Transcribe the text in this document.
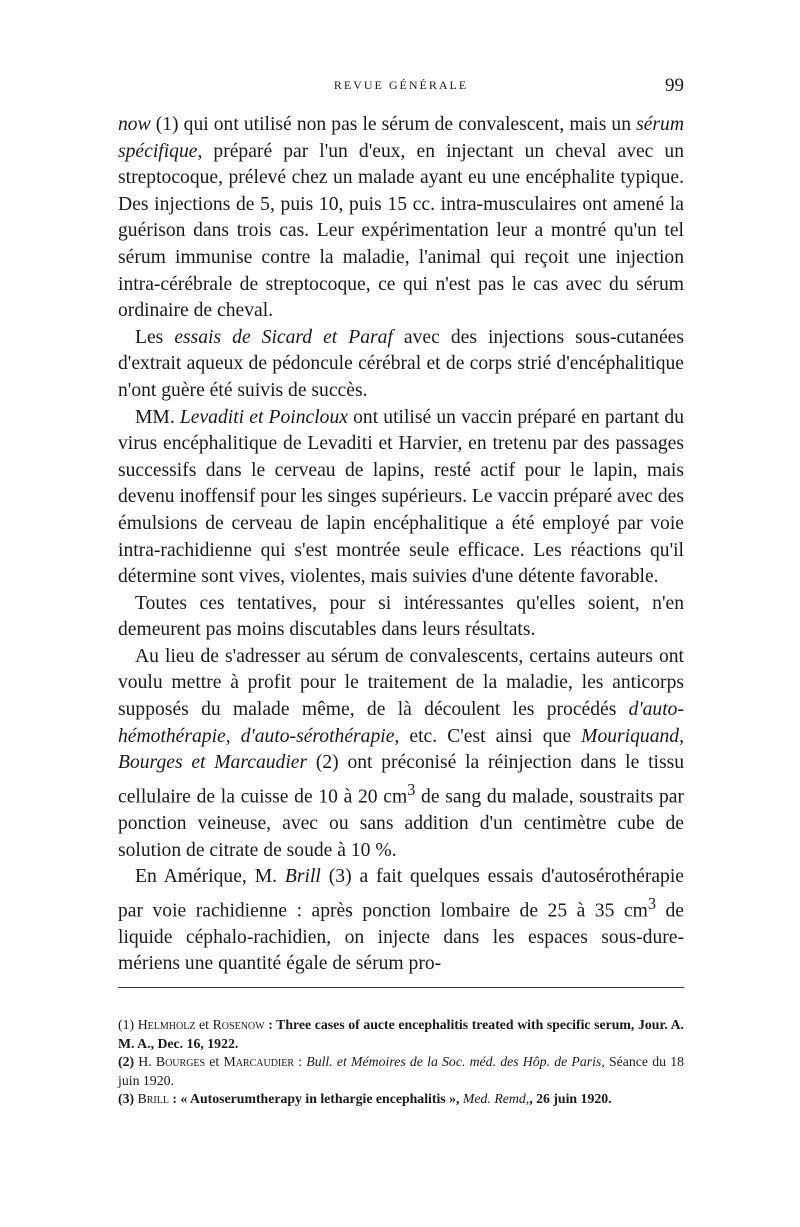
REVUE GÉNÉRALE	99

now (1) qui ont utilisé non pas le sérum de convalescent, mais un sérum spécifique, préparé par l'un d'eux, en injectant un cheval avec un streptocoque, prélevé chez un malade ayant eu une encéphalite typique. Des injections de 5, puis 10, puis 15 cc. intra-musculaires ont amené la guérison dans trois cas. Leur expérimentation leur a montré qu'un tel sérum immunise contre la maladie, l'animal qui reçoit une injection intra-cérébrale de streptocoque, ce qui n'est pas le cas avec du sérum ordinaire de cheval.

Les essais de Sicard et Paraf avec des injections sous-cutanées d'extrait aqueux de pédoncule cérébral et de corps strié d'encéphalitique n'ont guère été suivis de succès.

MM. Levaditi et Poincloux ont utilisé un vaccin préparé en partant du virus encéphalitique de Levaditi et Harvier, en tretenu par des passages successifs dans le cerveau de lapins, resté actif pour le lapin, mais devenu inoffensif pour les singes supérieurs. Le vaccin préparé avec des émulsions de cerveau de lapin encéphalitique a été employé par voie intra-rachidienne qui s'est montrée seule efficace. Les réactions qu'il détermine sont vives, violentes, mais suivies d'une détente favorable.

Toutes ces tentatives, pour si intéressantes qu'elles soient, n'en demeurent pas moins discutables dans leurs résultats.

Au lieu de s'adresser au sérum de convalescents, certains auteurs ont voulu mettre à profit pour le traitement de la maladie, les anticorps supposés du malade même, de là découlent les procédés d'auto-hémothérapie, d'auto-sérothérapie, etc. C'est ainsi que Mouriquand, Bourges et Marcaudier (2) ont préconisé la réinjection dans le tissu cellulaire de la cuisse de 10 à 20 $cm^3$ de sang du malade, soustraits par ponction veineuse, avec ou sans addition d'un centimètre cube de solution de citrate de soude à 10 %.

En Amérique, M. Brill (3) a fait quelques essais d'autosérothérapie par voie rachidienne : après ponction lombaire de 25 à 35 $cm^3$ de liquide céphalo-rachidien, on injecte dans les espaces sous-dure-mériens une quantité égale de sérum pro-

(1) Helmholz et Rosenow : Three cases of aucte encephalitis treated with specific serum, Jour. A. M. A., Dec. 16, 1922.

(2) H. Bourges et Marcaudier : Bull. et Mémoires de la Soc. méd. des Hôp. de Paris, Séance du 18 juin 1920.

(3) Brill : « Autoserumtherapy in lethargie encephalitis », Med. Remd,, 26 juin 1920.
